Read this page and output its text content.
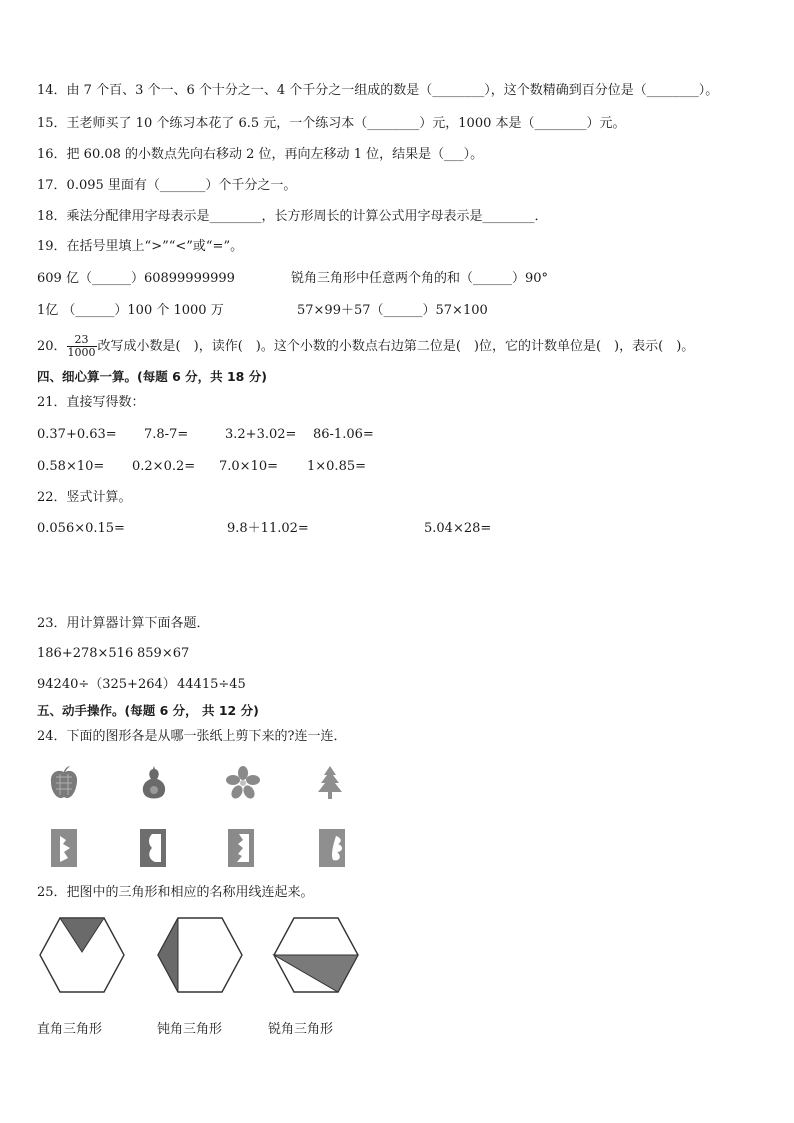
14．由 7 个百、3 个一、6 个十分之一、4 个千分之一组成的数是（________），这个数精确到百分位是（________）。
15．王老师买了 10 个练习本花了 6.5 元，一个练习本（________）元，1000 本是（________）元。
16．把 60.08 的小数点先向右移动 2 位，再向左移动 1 位，结果是（___）。
17．0.095 里面有（_______）个千分之一。
18．乘法分配律用字母表示是________，长方形周长的计算公式用字母表示是________．
19．在括号里填上“>”“<”或“=”。
609 亿（______）60899999999	锐角三角形中任意两个角的和（______）90°
1亿 （______）100 个 1000 万	57×99＋57（______）57×100
20． $\frac{23}{1000}$ 改写成小数是(　)，读作(　)。这个小数的小数点右边第二位是(　)位，它的计数单位是(　)，表示(　)。
四、细心算一算。(每题 6 分，共 18 分)
21．直接写得数：
0.37+0.63= 7.8-7=	3.2+3.02= 86-1.06=
0.58×10= 0.2×0.2= 7.0×10= 1×0.85=
22．竖式计算。
0.056×0.15=	9.8＋11.02=	5.04×28=
23．用计算器计算下面各题．
186+278×516 859×67
94240÷（325+264） 44415÷45
五、动手操作。(每题 6 分， 共 12 分)
24．下面的图形各是从哪一张纸上剪下来的?连一连．
25．把图中的三角形和相应的名称用线连起来。
直角三角形	钝角三角形	锐角三角形
